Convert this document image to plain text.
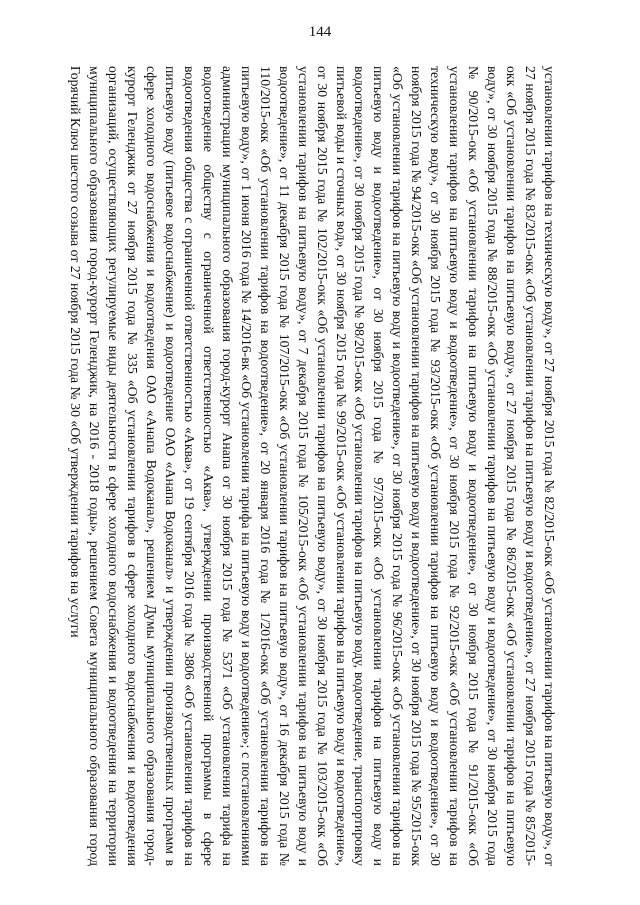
144
установлении тарифов на техническую воду», от 27 ноября 2015 года № 82/2015-окк «Об установлении тарифов на питьевую воду», от 27 ноября 2015 года № 83/2015-окк «Об установлении тарифов на питьевую воду и водоотведение», от 27 ноября 2015 года № 85/2015-окк «Об установлении тарифов на питьевую воду», от 27 ноября 2015 года № 86/2015-окк «Об установлении тарифов на питьевую воду», от 30 ноября 2015 года № 88/2015-окк «Об установлении тарифов на питьевую воду и водоотведение», от 30 ноября 2015 года № 90/2015-окк «Об установлении тарифов на питьевую воду и водоотведение», от 30 ноября 2015 года № 91/2015-окк «Об установлении тарифов на питьевую воду и водоотведение», от 30 ноября 2015 года № 92/2015-окк «Об установлении тарифов на техническую воду», от 30 ноября 2015 года № 93/2015-окк «Об установлении тарифов на питьевую воду и водоотведение», от 30 ноября 2015 года № 94/2015-окк «Об установлении тарифов на питьевую воду и водоотведение», от 30 ноября 2015 года № 95/2015-окк «Об установлении тарифов на питьевую воду и водоотведение», от 30 ноября 2015 года № 96/2015-окк «Об установлении тарифов на питьевую воду и водоотведение», от 30 ноября 2015 года № 97/2015-окк «Об установлении тарифов на питьевую воду и водоотведение», от 30 ноября 2015 года № 98/2015-окк «Об установлении тарифов на питьевую воду, водоотведение, транспортировку питьевой воды и сточных вод», от 30 ноября 2015 года № 99/2015-окк «Об установлении тарифов на питьевую воду и водоотведение», от 30 ноября 2015 года № 102/2015-окк «Об установлении тарифов на питьевую воду», от 30 ноября 2015 года № 103/2015-окк «Об установлении тарифов на питьевую воду», от 7 декабря 2015 года № 105/2015-окк «Об установлении тарифов на питьевую воду и водоотведение», от 11 декабря 2015 года № 107/2015-окк «Об установлении тарифов на питьевую воду», от 16 декабря 2015 года № 110/2015-окк «Об установлении тарифов на водоотведение», от 20 января 2016 года № 1/2016-окк «Об установлении тарифов на питьевую воду», от 1 июня 2016 года № 14/2016-вк «Об установлении тарифа на питьевую воду и водоотведение»; с постановлениями администрации муниципального образования город-курорт Анапа от 30 ноября 2015 года № 5371 «Об установлении тарифа на водоотведение обществу с ограниченной ответственностью «Аква», утверждении производственной программы в сфере водоотведения общества с ограниченной ответственностью «Аква», от 19 сентября 2016 года № 3806 «Об установлении тарифов на питьевую воду (питьевое водоснабжение) и водоотведение ОАО «Анапа Водоканал» и утверждении производственных программ в сфере холодного водоснабжения и водоотведения ОАО «Анапа Водоканал», решением Думы муниципального образования город-курорт Геленджик от 27 ноября 2015 года № 335 «Об установлении тарифов в сфере холодного водоснабжения и водоотведения организаций, осуществляющих регулируемые виды деятельности в сфере холодного водоснабжения и водоотведения на территории муниципального образования город-курорт Геленджик, на 2016 - 2018 годы», решением Совета муниципального образования город Горячий Ключ шестого созыва от 27 ноября 2015 года № 30 «Об утверждении тарифов на услуги
